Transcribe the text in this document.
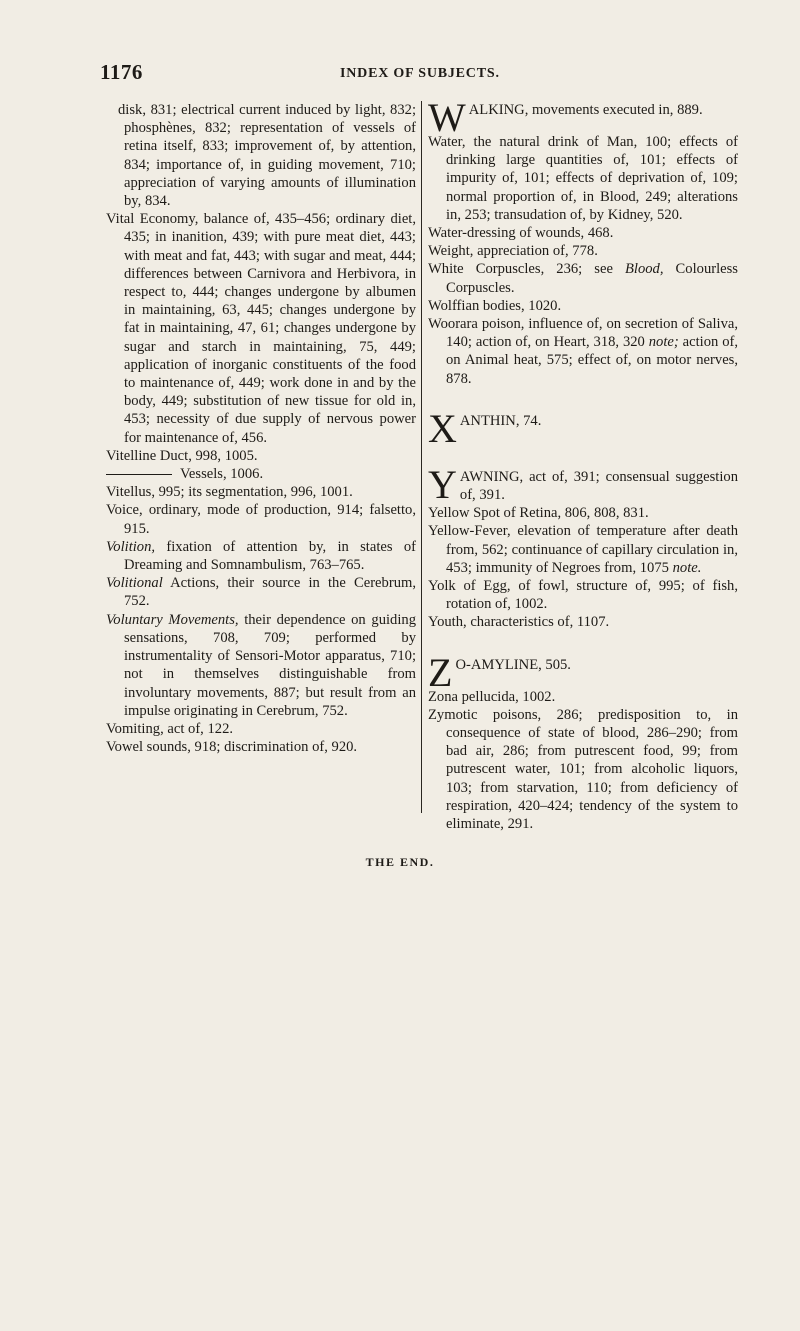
1176	INDEX OF SUBJECTS.

disk, 831; electrical current induced by light, 832; phosphènes, 832; representation of vessels of retina itself, 833; improvement of, by attention, 834; importance of, in guiding movement, 710; appreciation of varying amounts of illumination by, 834.

Vital Economy, balance of, 435–456; ordinary diet, 435; in inanition, 439; with pure meat diet, 443; with meat and fat, 443; with sugar and meat, 444; differences between Carnivora and Herbivora, in respect to, 444; changes undergone by albumen in maintaining, 63, 445; changes undergone by fat in maintaining, 47, 61; changes undergone by sugar and starch in maintaining, 75, 449; application of inorganic constituents of the food to maintenance of, 449; work done in and by the body, 449; substitution of new tissue for old in, 453; necessity of due supply of nervous power for maintenance of, 456.

Vitelline Duct, 998, 1005.

Vessels, 1006.

Vitellus, 995; its segmentation, 996, 1001.

Voice, ordinary, mode of production, 914; falsetto, 915.

Volition, fixation of attention by, in states of Dreaming and Somnambulism, 763–765.

Volitional Actions, their source in the Cerebrum, 752.

Voluntary Movements, their dependence on guiding sensations, 708, 709; performed by instrumentality of Sensori-Motor apparatus, 710; not in themselves distinguishable from involuntary movements, 887; but result from an impulse originating in Cerebrum, 752.

Vomiting, act of, 122.

Vowel sounds, 918; discrimination of, 920.

WALKING, movements executed in, 889.

Water, the natural drink of Man, 100; effects of drinking large quantities of, 101; effects of impurity of, 101; effects of deprivation of, 109; normal proportion of, in Blood, 249; alterations in, 253; transudation of, by Kidney, 520.

Water-dressing of wounds, 468.

Weight, appreciation of, 778.

White Corpuscles, 236; see Blood, Colourless Corpuscles.

Wolffian bodies, 1020.

Woorara poison, influence of, on secretion of Saliva, 140; action of, on Heart, 318, 320 note; action of, on Animal heat, 575; effect of, on motor nerves, 878.

XANTHIN, 74.

YAWNING, act of, 391; consensual suggestion of, 391.

Yellow Spot of Retina, 806, 808, 831.

Yellow-Fever, elevation of temperature after death from, 562; continuance of capillary circulation in, 453; immunity of Negroes from, 1075 note.

Yolk of Egg, of fowl, structure of, 995; of fish, rotation of, 1002.

Youth, characteristics of, 1107.

Z O-AMYLINE, 505.

Zona pellucida, 1002.

Zymotic poisons, 286; predisposition to, in consequence of state of blood, 286–290; from bad air, 286; from putrescent food, 99; from putrescent water, 101; from alcoholic liquors, 103; from starvation, 110; from deficiency of respiration, 420–424; tendency of the system to eliminate, 291.

THE END.
